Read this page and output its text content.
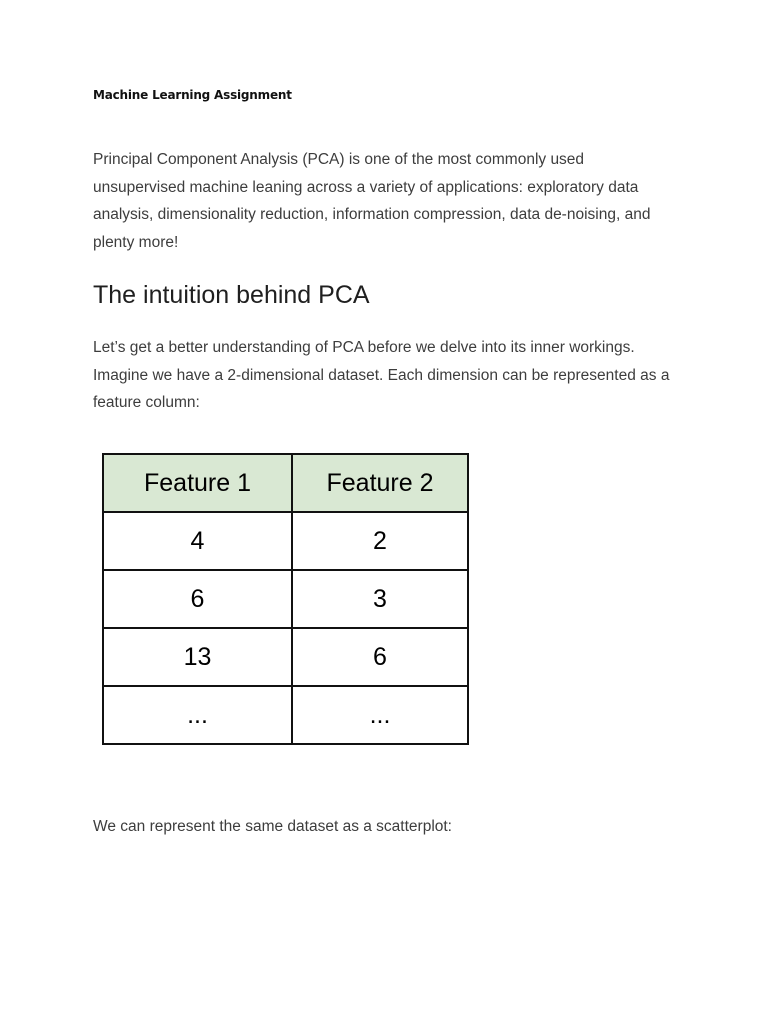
Machine Learning Assignment

Principal Component Analysis (PCA) is one of the most commonly used unsupervised machine leaning across a variety of applications: exploratory data analysis, dimensionality reduction, information compression, data de-noising, and plenty more!

The intuition behind PCA

Let’s get a better understanding of PCA before we delve into its inner workings. Imagine we have a 2-dimensional dataset. Each dimension can be represented as a feature column:

Feature 1	Feature 2
4	2
6	3
13	6
...	...

We can represent the same dataset as a scatterplot:
